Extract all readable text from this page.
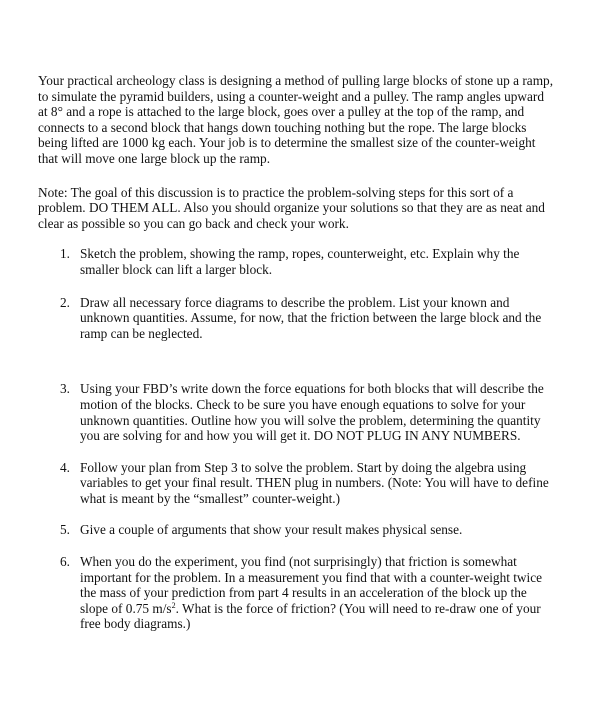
Your practical archeology class is designing a method of pulling large blocks of stone up a ramp, to simulate the pyramid builders, using a counter-weight and a pulley. The ramp angles upward at 8° and a rope is attached to the large block, goes over a pulley at the top of the ramp, and connects to a second block that hangs down touching nothing but the rope. The large blocks being lifted are 1000 kg each. Your job is to determine the smallest size of the counter-weight that will move one large block up the ramp.

Note: The goal of this discussion is to practice the problem-solving steps for this sort of a problem. DO THEM ALL. Also you should organize your solutions so that they are as neat and clear as possible so you can go back and check your work.

1. Sketch the problem, showing the ramp, ropes, counterweight, etc. Explain why the smaller block can lift a larger block.
2. Draw all necessary force diagrams to describe the problem. List your known and unknown quantities. Assume, for now, that the friction between the large block and the ramp can be neglected.
3. Using your FBD’s write down the force equations for both blocks that will describe the motion of the blocks. Check to be sure you have enough equations to solve for your unknown quantities. Outline how you will solve the problem, determining the quantity you are solving for and how you will get it. DO NOT PLUG IN ANY NUMBERS.
4. Follow your plan from Step 3 to solve the problem. Start by doing the algebra using variables to get your final result. THEN plug in numbers. (Note: You will have to define what is meant by the “smallest” counter-weight.)
5. Give a couple of arguments that show your result makes physical sense.
6. When you do the experiment, you find (not surprisingly) that friction is somewhat important for the problem. In a measurement you find that with a counter-weight twice the mass of your prediction from part 4 results in an acceleration of the block up the slope of 0.75 $m/s^2$. What is the force of friction? (You will need to re-draw one of your free body diagrams.)
